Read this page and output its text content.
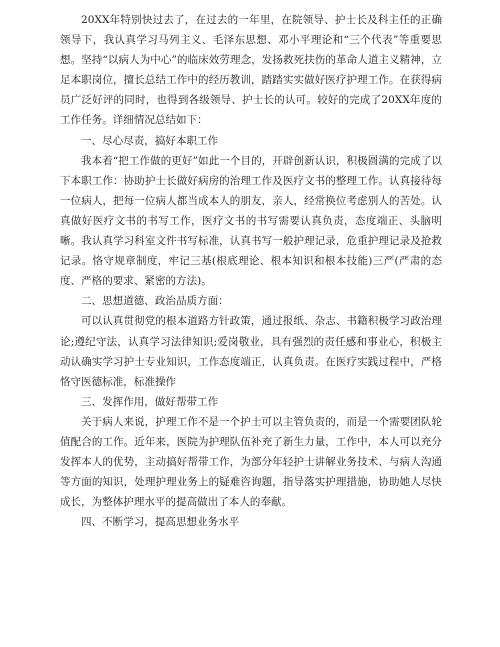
20XX年特别快过去了，在过去的一年里，在院领导、护士长及科主任的正确领导下，我认真学习马列主义、毛泽东思想、邓小平理论和“三个代表”等重要思想。坚持“以病人为中心”的临床效劳理念，发扬救死扶伤的革命人道主义精神，立足本职岗位，擅长总结工作中的经历教训，踏踏实实做好医疗护理工作。在获得病员广泛好评的同时，也得到各级领导、护士长的认可。较好的完成了20XX年度的工作任务。详细情况总结如下：

一、尽心尽责，搞好本职工作

我本着“把工作做的更好”如此一个目的，开辟创新认识，积极圆满的完成了以下本职工作：协助护士长做好病房的治理工作及医疗文书的整理工作。认真接待每一位病人，把每一位病人都当成本人的朋友，亲人，经常换位考虑别人的苦处。认真做好医疗文书的书写工作，医疗文书的书写需要认真负责，态度端正、头脑明晰。我认真学习科室文件书写标准，认真书写一般护理记录，危重护理记录及抢救记录。恪守规章制度，牢记三基(根底理论、根本知识和根本技能)三严(严肃的态度、严格的要求、紧密的方法)。

二、思想道德、政治品质方面：

可以认真贯彻党的根本道路方针政策，通过报纸、杂志、书籍积极学习政治理论;遵纪守法，认真学习法律知识;爱岗敬业，具有强烈的责任感和事业心，积极主动认确实学习护士专业知识，工作态度端正，认真负责。在医疗实践过程中，严格恪守医德标准，标准操作

三、发挥作用，做好帮带工作

关于病人来说，护理工作不是一个护士可以主管负责的，而是一个需要团队轮值配合的工作。近年来，医院为护理队伍补充了新生力量，工作中，本人可以充分发挥本人的优势，主动搞好帮带工作，为部分年轻护士讲解业务技术、与病人沟通等方面的知识，处理护理业务上的疑难咨询题，指导落实护理措施，协助她人尽快成长，为整体护理水平的提高做出了本人的奉献。

四、不断学习，提高思想业务水平
